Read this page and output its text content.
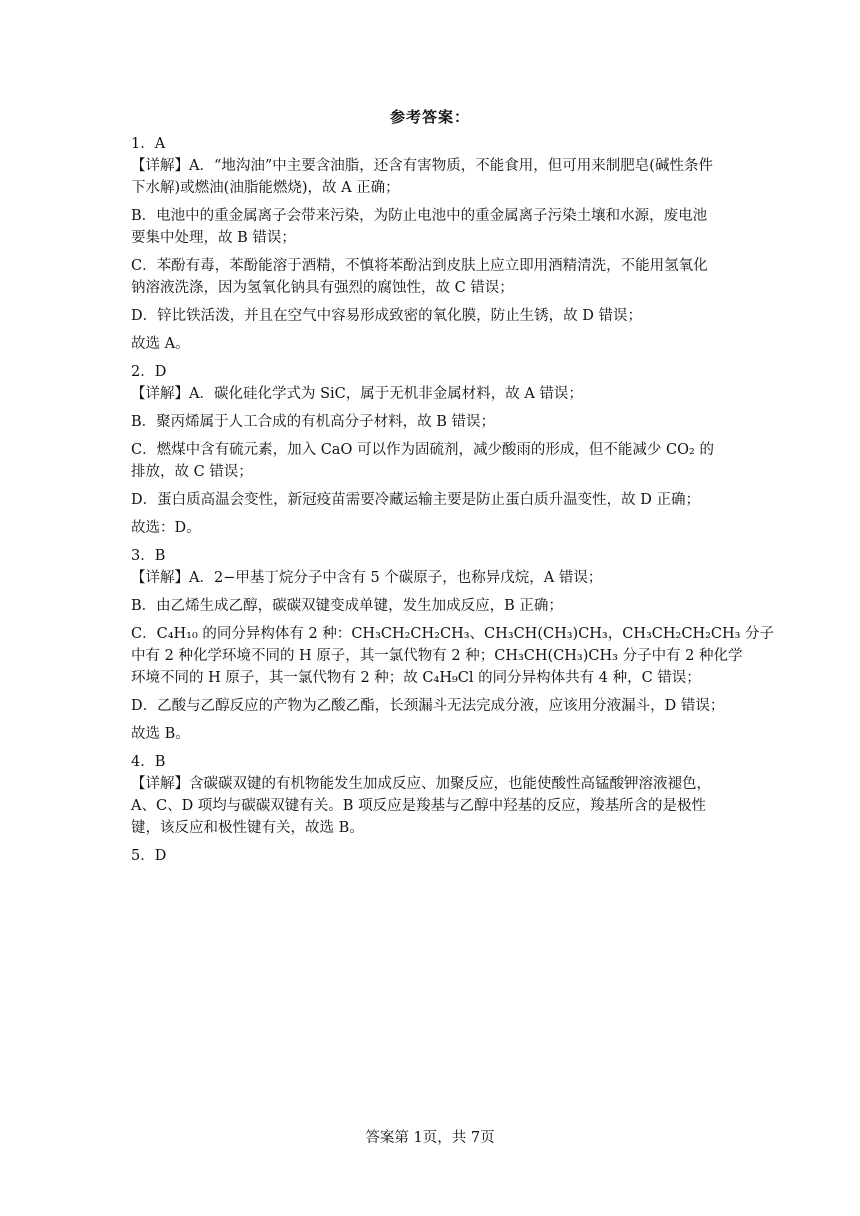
参考答案：
1．A
【详解】A．“地沟油”中主要含油脂，还含有害物质，不能食用，但可用来制肥皂(碱性条件
下水解)或燃油(油脂能燃烧)，故 A 正确；
B．电池中的重金属离子会带来污染，为防止电池中的重金属离子污染土壤和水源，废电池
要集中处理，故 B 错误；
C．苯酚有毒，苯酚能溶于酒精，不慎将苯酚沾到皮肤上应立即用酒精清洗，不能用氢氧化
钠溶液洗涤，因为氢氧化钠具有强烈的腐蚀性，故 C 错误；
D．锌比铁活泼，并且在空气中容易形成致密的氧化膜，防止生锈，故 D 错误；
故选 A。
2．D
【详解】A．碳化硅化学式为 SiC，属于无机非金属材料，故 A 错误；
B．聚丙烯属于人工合成的有机高分子材料，故 B 错误；
C．燃煤中含有硫元素，加入 CaO 可以作为固硫剂，减少酸雨的形成，但不能减少 CO₂ 的
排放，故 C 错误；
D．蛋白质高温会变性，新冠疫苗需要冷藏运输主要是防止蛋白质升温变性，故 D 正确；
故选：D。
3．B
【详解】A．2−甲基丁烷分子中含有 5 个碳原子，也称异戊烷，A 错误；
B．由乙烯生成乙醇，碳碳双键变成单键，发生加成反应，B 正确；
C．C₄H₁₀ 的同分异构体有 2 种：CH₃CH₂CH₂CH₃、CH₃CH(CH₃)CH₃，CH₃CH₂CH₂CH₃ 分子
中有 2 种化学环境不同的 H 原子，其一氯代物有 2 种；CH₃CH(CH₃)CH₃ 分子中有 2 种化学
环境不同的 H 原子，其一氯代物有 2 种；故 C₄H₉Cl 的同分异构体共有 4 种，C 错误；
D．乙酸与乙醇反应的产物为乙酸乙酯，长颈漏斗无法完成分液，应该用分液漏斗，D 错误；
故选 B。
4．B
【详解】含碳碳双键的有机物能发生加成反应、加聚反应，也能使酸性高锰酸钾溶液褪色，
A、C、D 项均与碳碳双键有关。B 项反应是羧基与乙醇中羟基的反应，羧基所含的是极性
键，该反应和极性键有关，故选 B。
5．D
答案第 1页，共 7页
